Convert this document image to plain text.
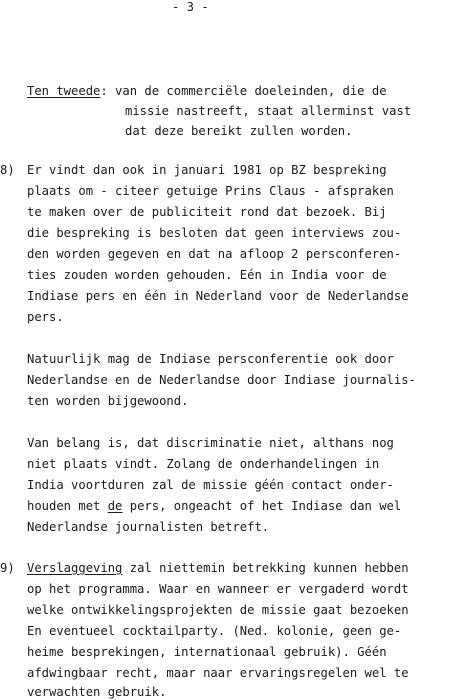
- 3 -
Ten tweede: van de commerciële doeleinden, die de
missie nastreeft, staat allerminst vast
dat deze bereikt zullen worden.
8) Er vindt dan ook in januari 1981 op BZ bespreking
plaats om - citeer getuige Prins Claus - afspraken
te maken over de publiciteit rond dat bezoek. Bij
die bespreking is besloten dat geen interviews zou-
den worden gegeven en dat na afloop 2 persconferen-
ties zouden worden gehouden. Eén in India voor de
Indiase pers en één in Nederland voor de Nederlandse
pers.
Natuurlijk mag de Indiase persconferentie ook door
Nederlandse en de Nederlandse door Indiase journalis-
ten worden bijgewoond.
Van belang is, dat discriminatie niet, althans nog
niet plaats vindt. Zolang de onderhandelingen in
India voortduren zal de missie géén contact onder-
houden met de pers, ongeacht of het Indiase dan wel
Nederlandse journalisten betreft.
9) Verslaggeving zal niettemin betrekking kunnen hebben
op het programma. Waar en wanneer er vergaderd wordt
welke ontwikkelingsprojekten de missie gaat bezoeken
En eventueel cocktailparty. (Ned. kolonie, geen ge-
heime besprekingen, internationaal gebruik). Géén
afdwingbaar recht, maar naar ervaringsregelen wel te
verwachten gebruik.
